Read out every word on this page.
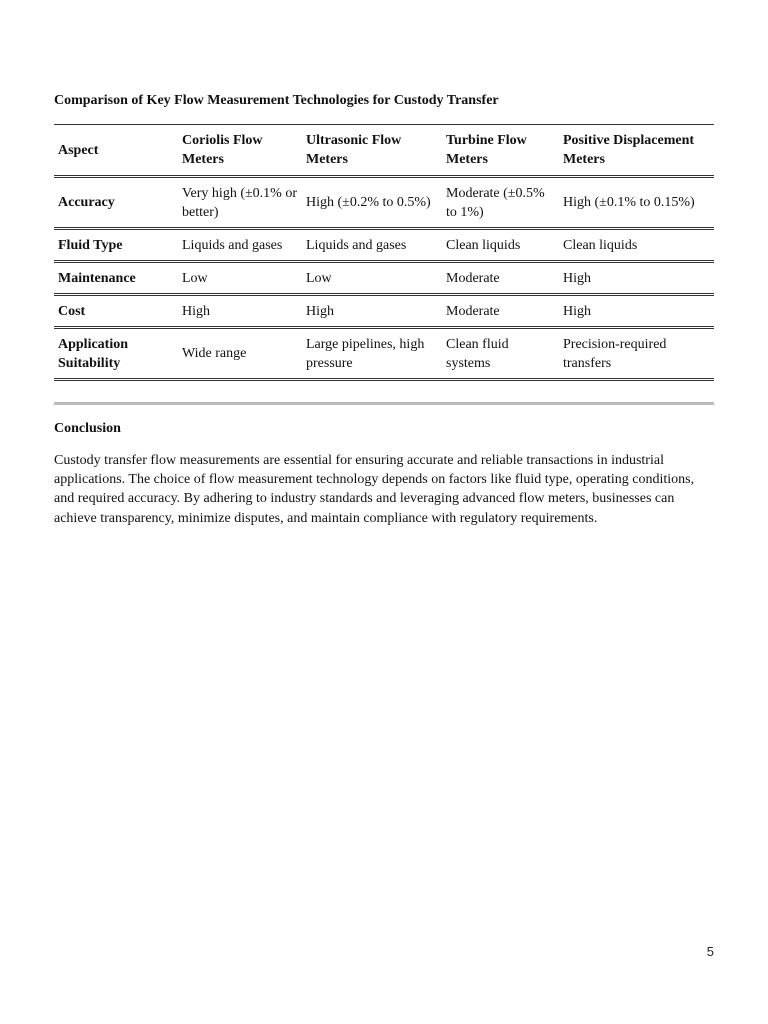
Comparison of Key Flow Measurement Technologies for Custody Transfer

Aspect	Coriolis Flow Meters	Ultrasonic Flow Meters	Turbine Flow Meters	Positive Displacement Meters
Accuracy	Very high (±0.1% or better)	High (±0.2% to 0.5%)	Moderate (±0.5% to 1%)	High (±0.1% to 0.15%)
Fluid Type	Liquids and gases	Liquids and gases	Clean liquids	Clean liquids
Maintenance	Low	Low	Moderate	High
Cost	High	High	Moderate	High
Application Suitability	Wide range	Large pipelines, high pressure	Clean fluid systems	Precision-required transfers

Conclusion

Custody transfer flow measurements are essential for ensuring accurate and reliable transactions in industrial applications. The choice of flow measurement technology depends on factors like fluid type, operating conditions, and required accuracy. By adhering to industry standards and leveraging advanced flow meters, businesses can achieve transparency, minimize disputes, and maintain compliance with regulatory requirements.

5
